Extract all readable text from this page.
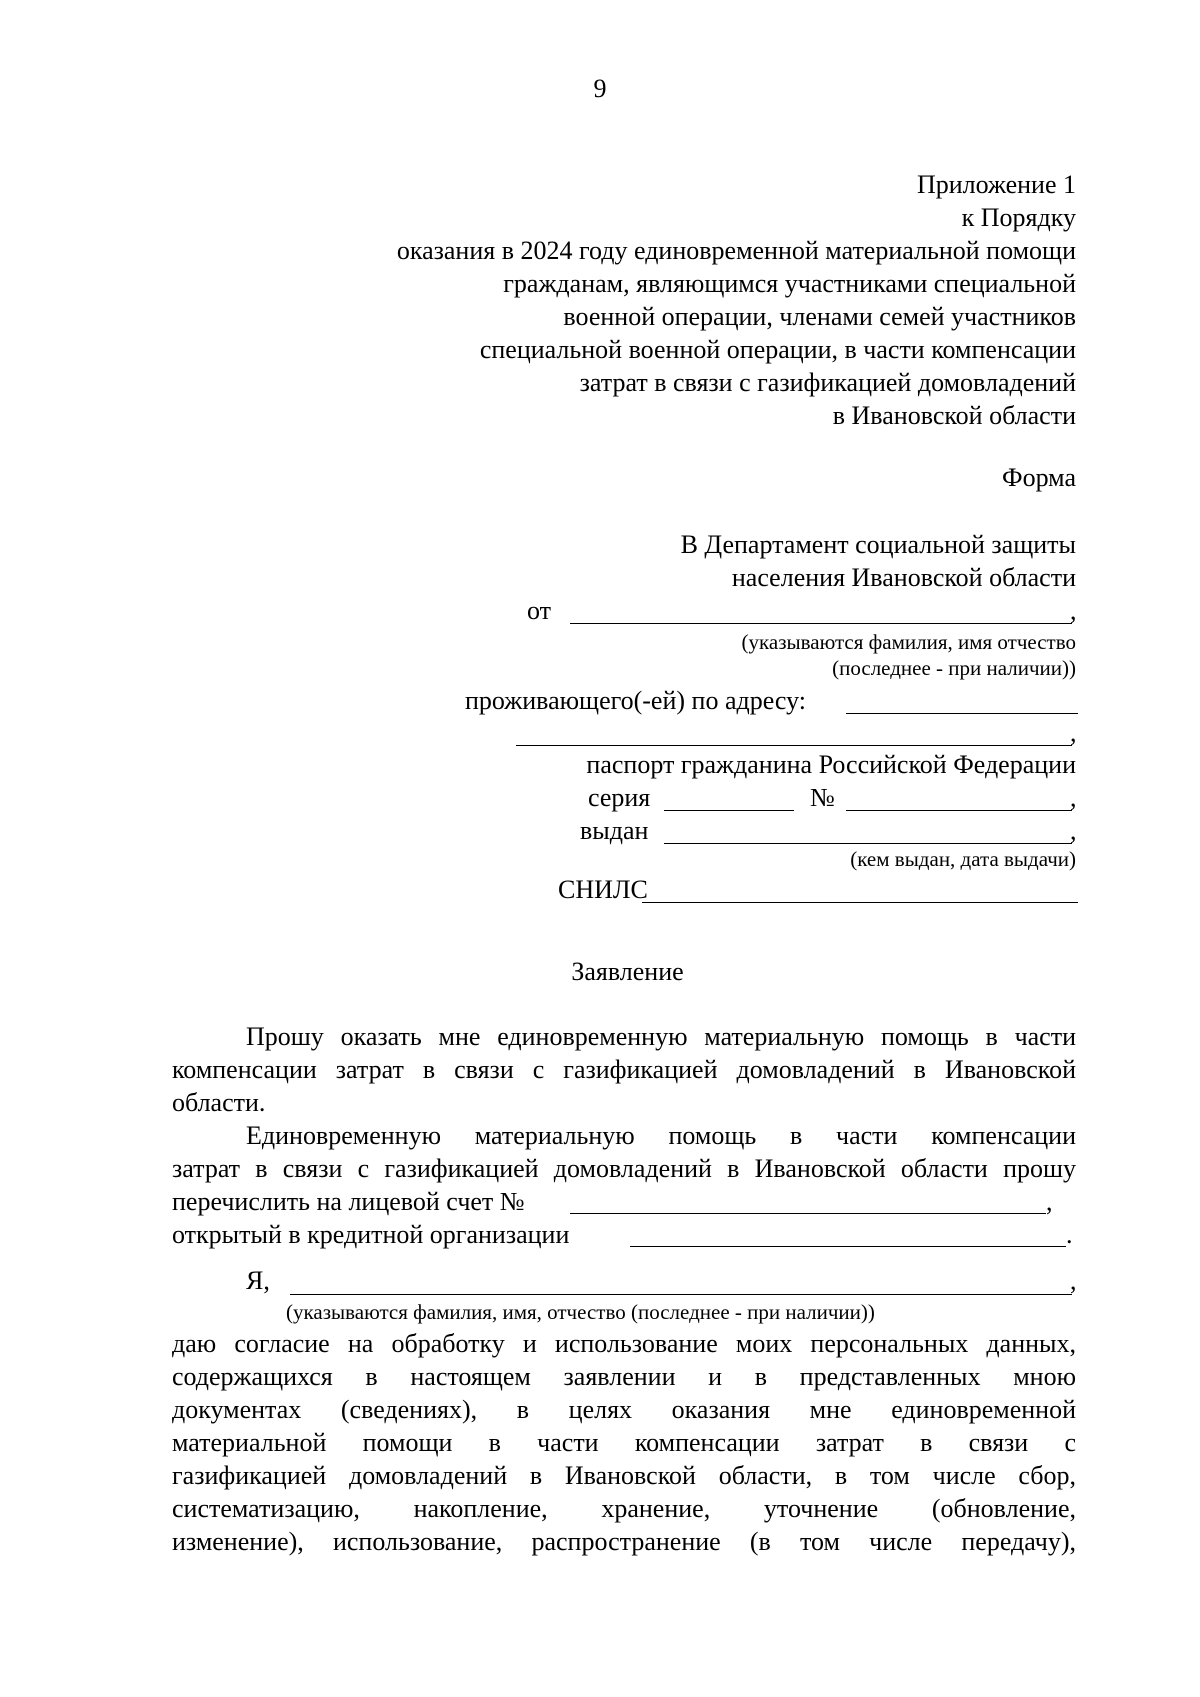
9
Приложение 1
к Порядку
оказания в 2024 году единовременной материальной помощи
гражданам, являющимся участниками специальной
военной операции, членами семей участников
специальной военной операции, в части компенсации
затрат в связи с газификацией домовладений
в Ивановской области
Форма
В Департамент социальной защиты
населения Ивановской области
от	,
(указываются фамилия, имя отчество
(последнее - при наличии))
проживающего(-ей) по адресу:
,
паспорт гражданина Российской Федерации
серия	№	,
выдан	,
(кем выдан, дата выдачи)
СНИЛС
Заявление
Прошу оказать мне единовременную материальную помощь в части
компенсации затрат в связи с газификацией домовладений в Ивановской
области.
Единовременную материальную помощь в части компенсации
затрат в связи с газификацией домовладений в Ивановской области прошу
перечислить на лицевой счет №	,
открытый в кредитной организации	.
Я,	,
(указываются фамилия, имя, отчество (последнее - при наличии))
даю согласие на обработку и использование моих персональных данных,
содержащихся в настоящем заявлении и в представленных мною
документах (сведениях), в целях оказания мне единовременной
материальной помощи в части компенсации затрат в связи с
газификацией домовладений в Ивановской области, в том числе сбор,
систематизацию, накопление, хранение, уточнение (обновление,
изменение), использование, распространение (в том числе передачу),
